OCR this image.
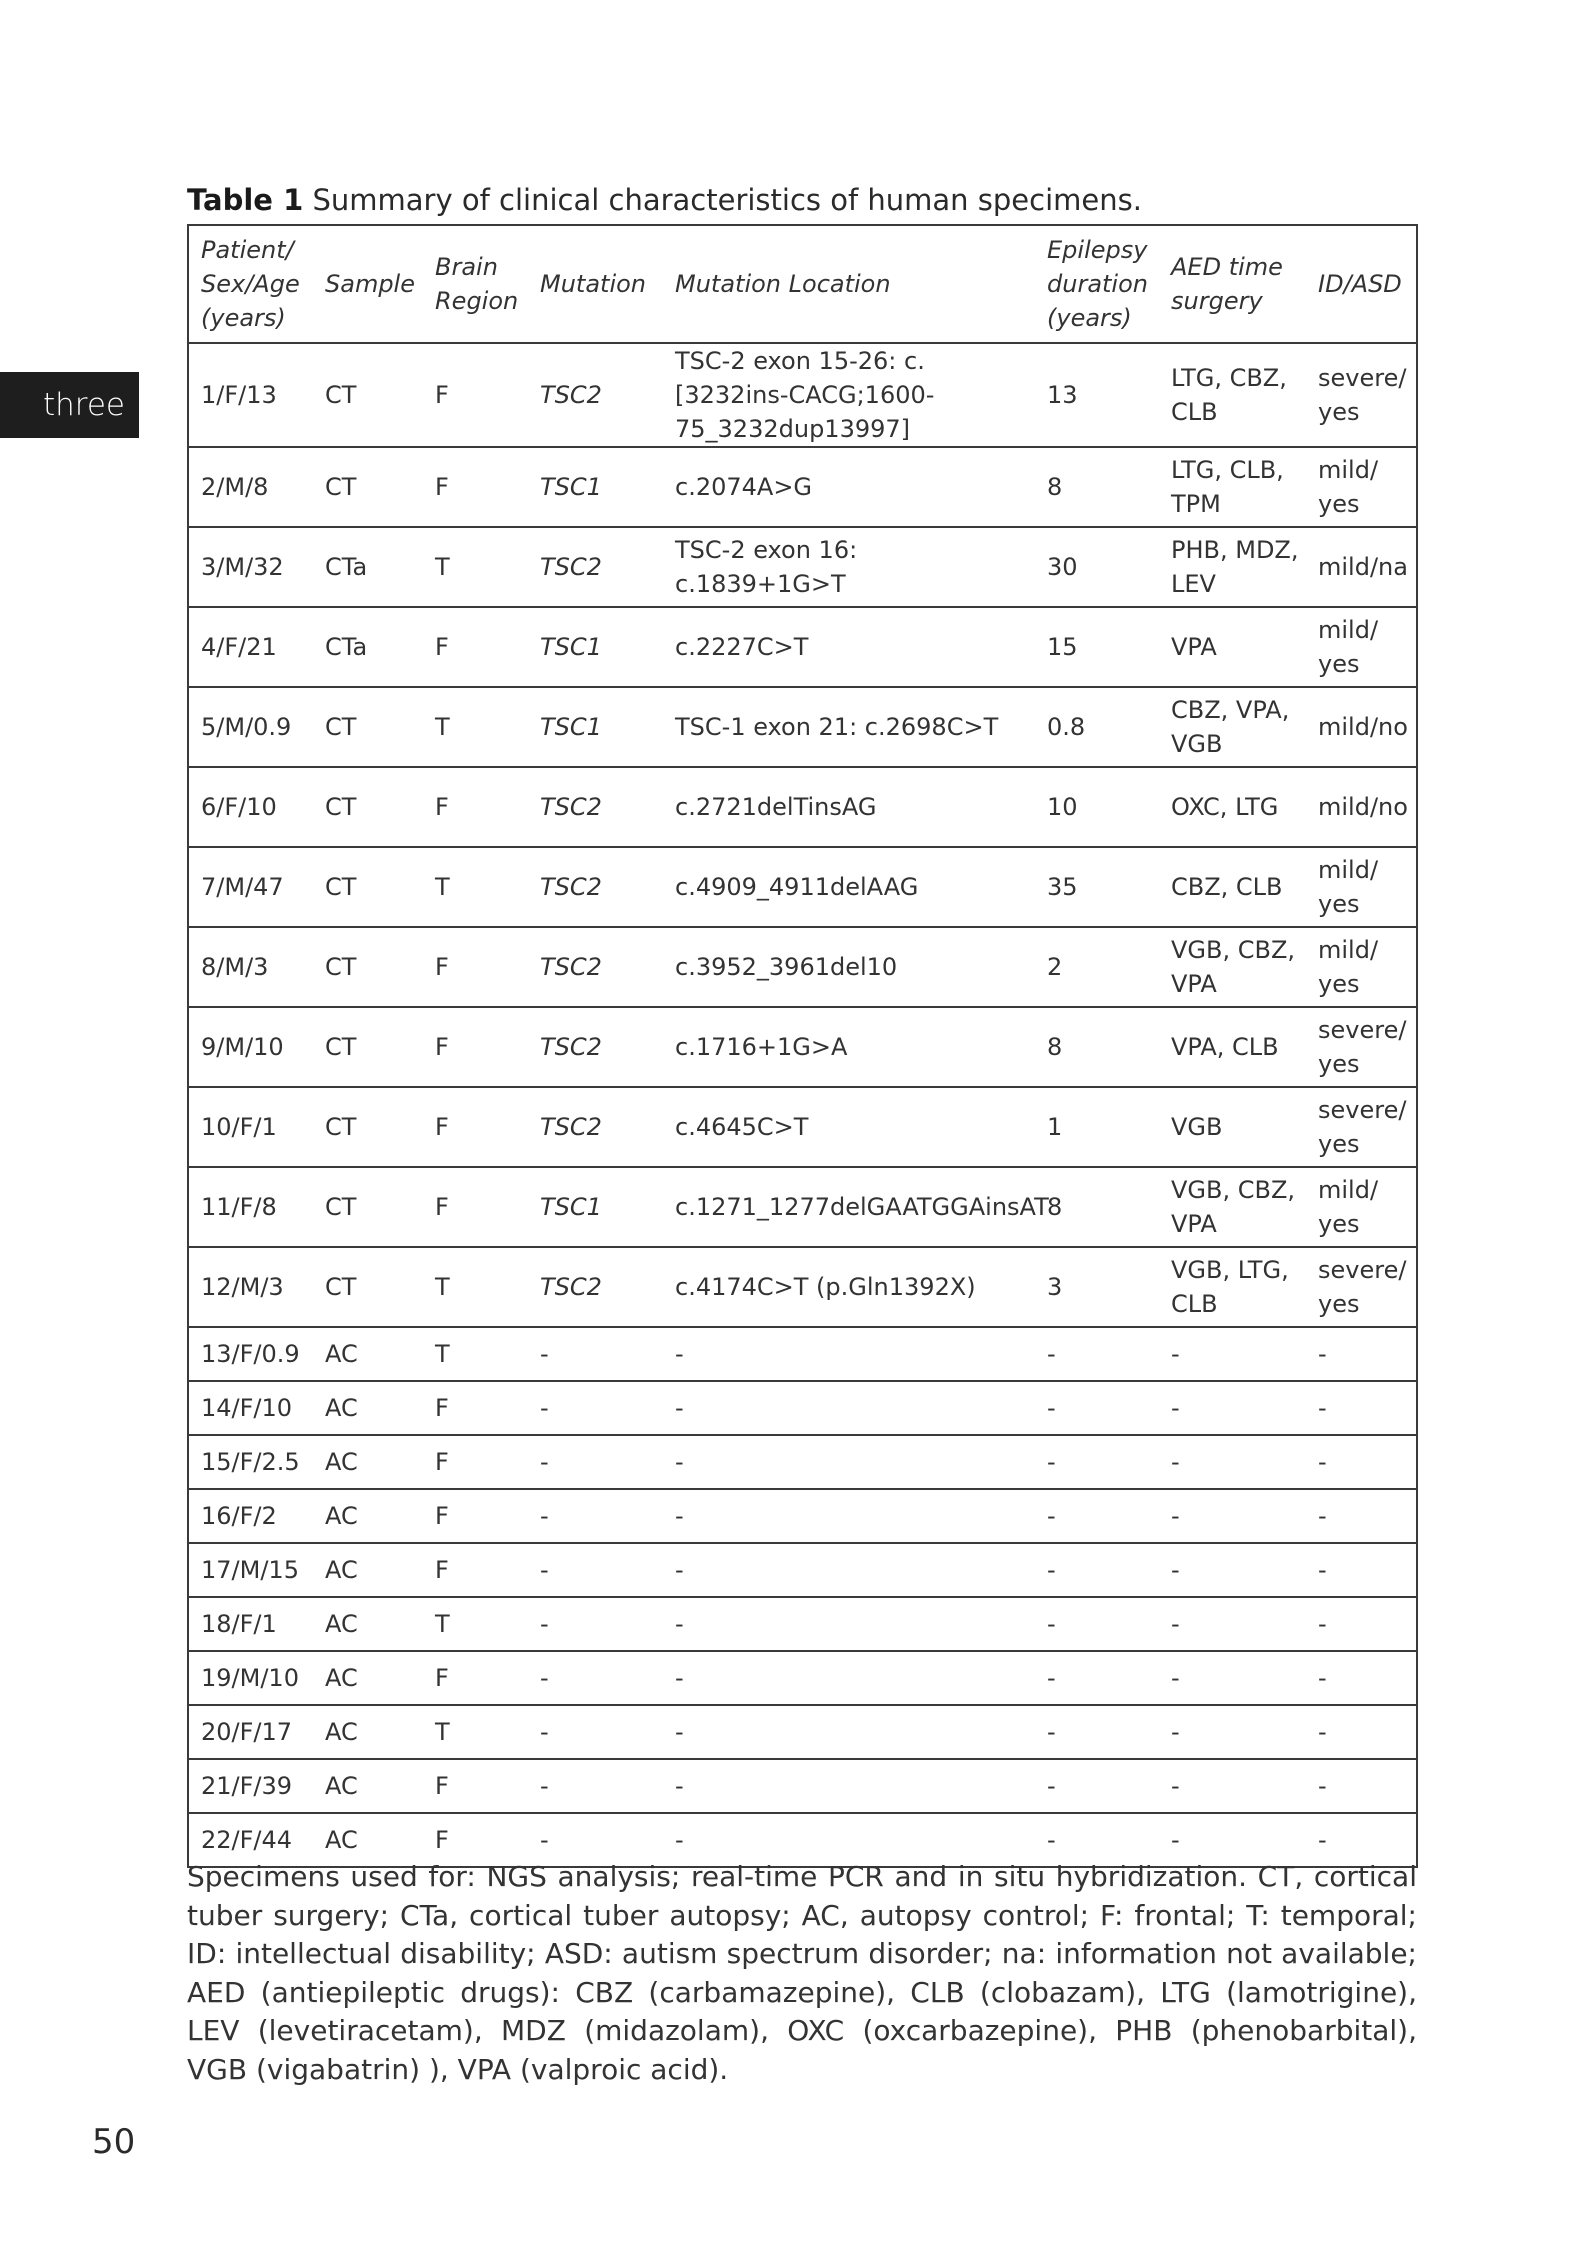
three

Table 1 Summary of clinical characteristics of human specimens.

Patient/ Sex/Age (years)	Sample	Brain Region	Mutation	Mutation Location	Epilepsy duration (years)	AED time surgery	ID/ASD
1/F/13	CT	F	TSC2	TSC-2 exon 15-26: c.[3232ins-CACG;1600-75_3232dup13997]	13	LTG, CBZ, CLB	severe/ yes
2/M/8	CT	F	TSC1	c.2074A>G	8	LTG, CLB, TPM	mild/ yes
3/M/32	CTa	T	TSC2	TSC-2 exon 16: c.1839+1G>T	30	PHB, MDZ, LEV	mild/na
4/F/21	CTa	F	TSC1	c.2227C>T	15	VPA	mild/ yes
5/M/0.9	CT	T	TSC1	TSC-1 exon 21: c.2698C>T	0.8	CBZ, VPA, VGB	mild/no
6/F/10	CT	F	TSC2	c.2721delTinsAG	10	OXC, LTG	mild/no
7/M/47	CT	T	TSC2	c.4909_4911delAAG	35	CBZ, CLB	mild/ yes
8/M/3	CT	F	TSC2	c.3952_3961del10	2	VGB, CBZ, VPA	mild/ yes
9/M/10	CT	F	TSC2	c.1716+1G>A	8	VPA, CLB	severe/ yes
10/F/1	CT	F	TSC2	c.4645C>T	1	VGB	severe/ yes
11/F/8	CT	F	TSC1	c.1271_1277delGAATGGAinsAT	8	VGB, CBZ, VPA	mild/ yes
12/M/3	CT	T	TSC2	c.4174C>T (p.Gln1392X)	3	VGB, LTG, CLB	severe/ yes
13/F/0.9	AC	T	-	-	-	-	-
14/F/10	AC	F	-	-	-	-	-
15/F/2.5	AC	F	-	-	-	-	-
16/F/2	AC	F	-	-	-	-	-
17/M/15	AC	F	-	-	-	-	-
18/F/1	AC	T	-	-	-	-	-
19/M/10	AC	F	-	-	-	-	-
20/F/17	AC	T	-	-	-	-	-
21/F/39	AC	F	-	-	-	-	-
22/F/44	AC	F	-	-	-	-	-

Specimens used for: NGS analysis; real-time PCR and in situ hybridization. CT, cortical tuber surgery; CTa, cortical tuber autopsy; AC, autopsy control; F: frontal; T: temporal; ID: intellectual disability; ASD: autism spectrum disorder; na: information not available; AED (antiepileptic drugs): CBZ (carbamazepine), CLB (clobazam), LTG (lamotrigine), LEV (levetiracetam), MDZ (midazolam), OXC (oxcarbazepine), PHB (phenobarbital), VGB (vigabatrin) ), VPA (valproic acid).

50
